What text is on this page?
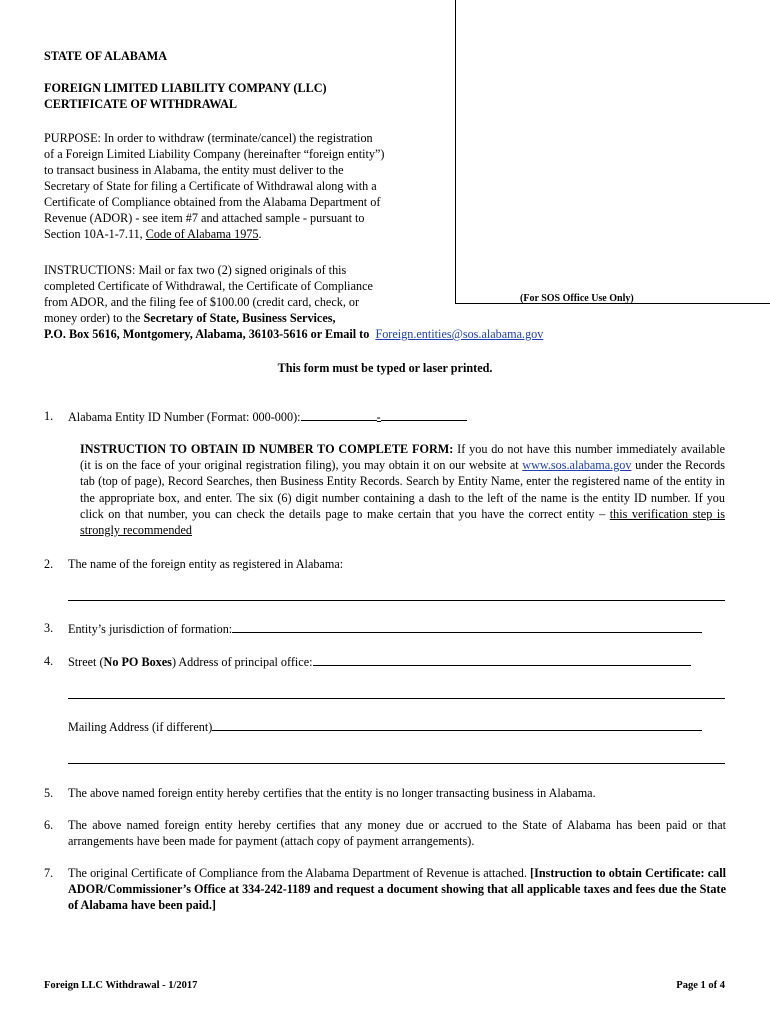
(For SOS Office Use Only)
STATE OF ALABAMA
FOREIGN LIMITED LIABILITY COMPANY (LLC)
CERTIFICATE OF WITHDRAWAL
PURPOSE: In order to withdraw (terminate/cancel) the registration
of a Foreign Limited Liability Company (hereinafter “foreign entity”)
to transact business in Alabama, the entity must deliver to the
Secretary of State for filing a Certificate of Withdrawal along with a
Certificate of Compliance obtained from the Alabama Department of
Revenue (ADOR) - see item #7 and attached sample - pursuant to
Section 10A-1-7.11, Code of Alabama 1975.
INSTRUCTIONS: Mail or fax two (2) signed originals of this
completed Certificate of Withdrawal, the Certificate of Compliance
from ADOR, and the filing fee of $100.00 (credit card, check, or
money order) to the Secretary of State, Business Services,
P.O. Box 5616, Montgomery, Alabama, 36103-5616 or Email to Foreign.entities@sos.alabama.gov
This form must be typed or laser printed.
1. Alabama Entity ID Number (Format: 000-000):	-
INSTRUCTION TO OBTAIN ID NUMBER TO COMPLETE FORM: If you do not have this number immediately available (it is on the face of your original registration filing), you may obtain it on our website at www.sos.alabama.gov under the Records tab (top of page), Record Searches, then Business Entity Records. Search by Entity Name, enter the registered name of the entity in the appropriate box, and enter. The six (6) digit number containing a dash to the left of the name is the entity ID number. If you click on that number, you can check the details page to make certain that you have the correct entity – this verification step is strongly recommended
2. The name of the foreign entity as registered in Alabama:
3. Entity’s jurisdiction of formation:
4. Street (No PO Boxes) Address of principal office:
Mailing Address (if different)
5. The above named foreign entity hereby certifies that the entity is no longer transacting business in Alabama.
6. The above named foreign entity hereby certifies that any money due or accrued to the State of Alabama has been paid or that arrangements have been made for payment (attach copy of payment arrangements).
7. The original Certificate of Compliance from the Alabama Department of Revenue is attached. [Instruction to obtain Certificate: call ADOR/Commissioner’s Office at 334-242-1189 and request a document showing that all applicable taxes and fees due the State of Alabama have been paid.]
Foreign LLC Withdrawal - 1/2017	Page 1 of 4
